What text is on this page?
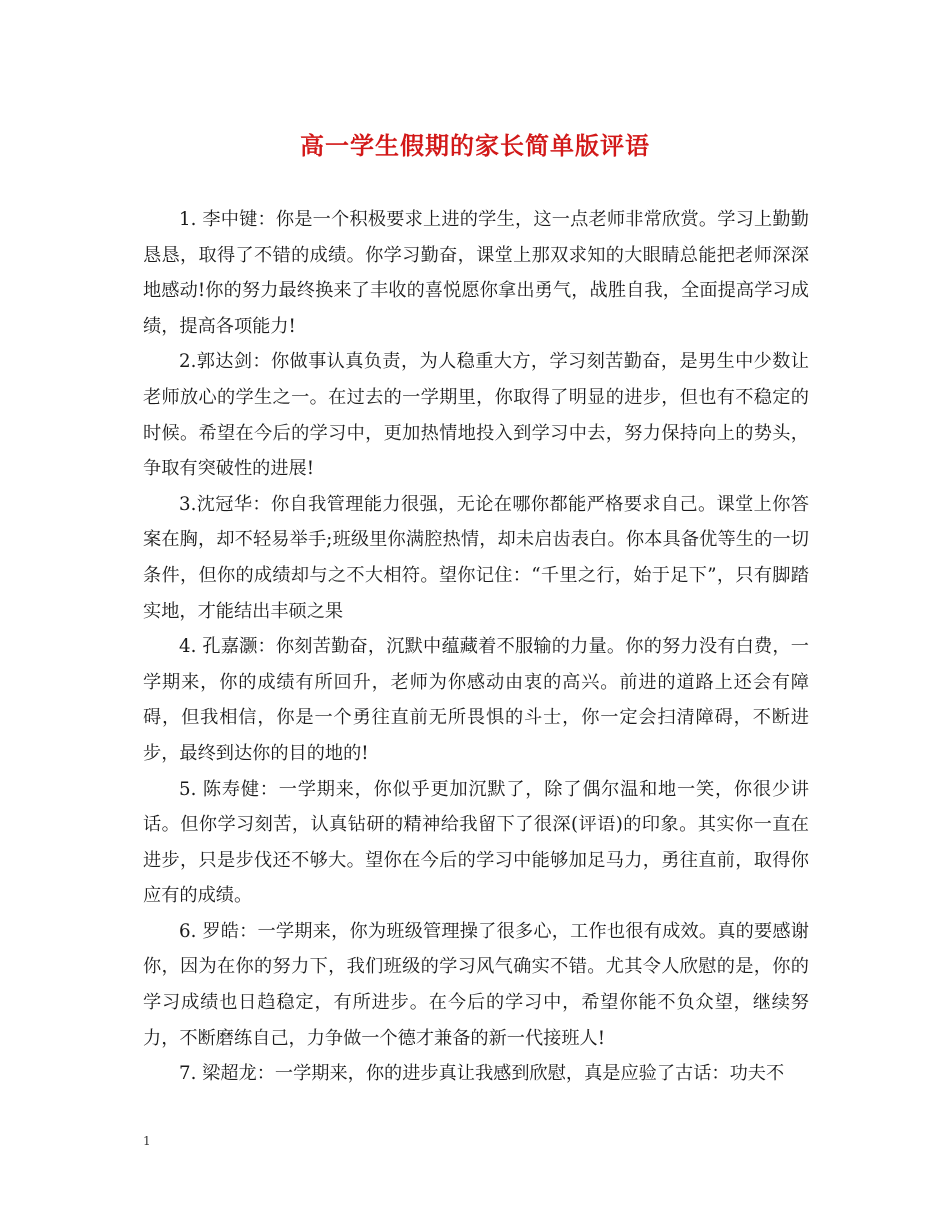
高一学生假期的家长简单版评语

1. 李中键：你是一个积极要求上进的学生，这一点老师非常欣赏。学习上勤勤恳恳，取得了不错的成绩。你学习勤奋，课堂上那双求知的大眼睛总能把老师深深地感动!你的努力最终换来了丰收的喜悦愿你拿出勇气，战胜自我，全面提高学习成绩，提高各项能力!

2.郭达剑：你做事认真负责，为人稳重大方，学习刻苦勤奋，是男生中少数让老师放心的学生之一。在过去的一学期里，你取得了明显的进步，但也有不稳定的时候。希望在今后的学习中，更加热情地投入到学习中去，努力保持向上的势头，争取有突破性的进展!

3.沈冠华：你自我管理能力很强，无论在哪你都能严格要求自己。课堂上你答案在胸，却不轻易举手;班级里你满腔热情，却未启齿表白。你本具备优等生的一切条件，但你的成绩却与之不大相符。望你记住：“千里之行，始于足下”，只有脚踏实地，才能结出丰硕之果

4. 孔嘉灏：你刻苦勤奋，沉默中蕴藏着不服输的力量。你的努力没有白费，一学期来，你的成绩有所回升，老师为你感动由衷的高兴。前进的道路上还会有障碍，但我相信，你是一个勇往直前无所畏惧的斗士，你一定会扫清障碍，不断进步，最终到达你的目的地的!

5. 陈寿健：一学期来，你似乎更加沉默了，除了偶尔温和地一笑，你很少讲话。但你学习刻苦，认真钻研的精神给我留下了很深(评语)的印象。其实你一直在进步，只是步伐还不够大。望你在今后的学习中能够加足马力，勇往直前，取得你应有的成绩。

6. 罗皓：一学期来，你为班级管理操了很多心，工作也很有成效。真的要感谢你，因为在你的努力下，我们班级的学习风气确实不错。尤其令人欣慰的是，你的学习成绩也日趋稳定，有所进步。在今后的学习中，希望你能不负众望，继续努力，不断磨练自己，力争做一个德才兼备的新一代接班人!

7. 梁超龙：一学期来，你的进步真让我感到欣慰，真是应验了古话：功夫不

1
